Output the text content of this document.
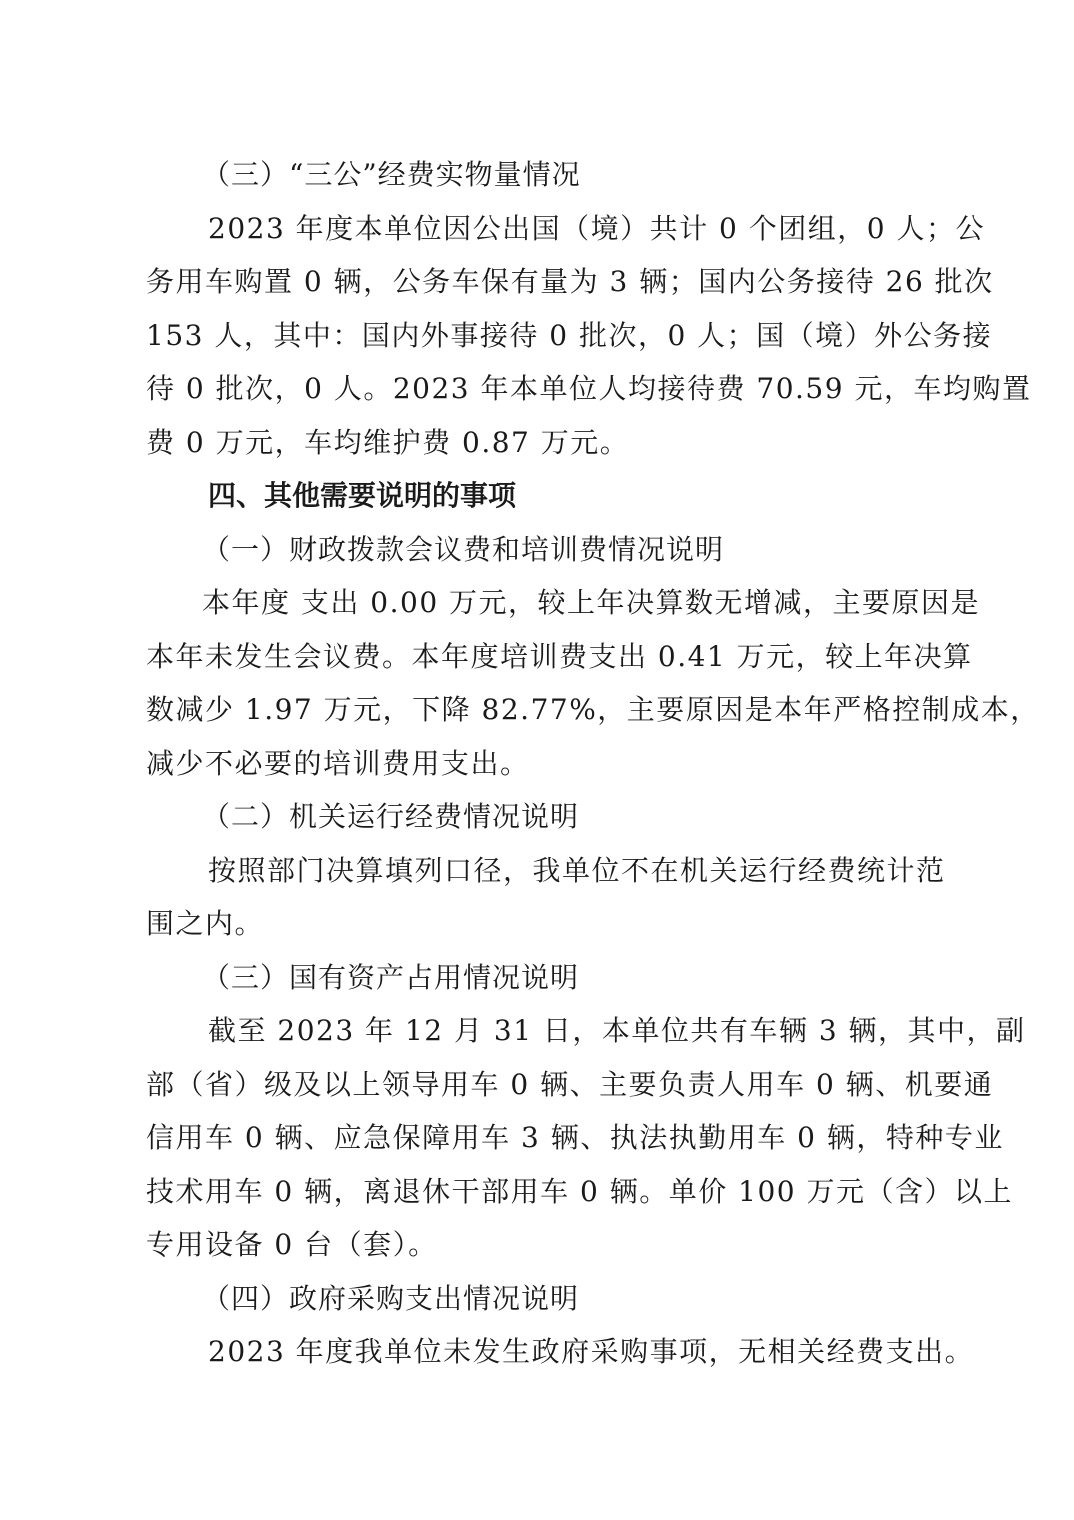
（三）“三公”经费实物量情况
2023 年度本单位因公出国（境）共计 0 个团组，0 人；公
务用车购置 0 辆，公务车保有量为 3 辆；国内公务接待 26 批次
153 人，其中：国内外事接待 0 批次，0 人；国（境）外公务接
待 0 批次，0 人。2023 年本单位人均接待费 70.59 元，车均购置
费 0 万元，车均维护费 0.87 万元。
四、其他需要说明的事项
（一）财政拨款会议费和培训费情况说明
本年度 支出 0.00 万元，较上年决算数无增减，主要原因是
本年未发生会议费。本年度培训费支出 0.41 万元，较上年决算
数减少 1.97 万元，下降 82.77%，主要原因是本年严格控制成本，
减少不必要的培训费用支出。
（二）机关运行经费情况说明
按照部门决算填列口径，我单位不在机关运行经费统计范
围之内。
（三）国有资产占用情况说明
截至 2023 年 12 月 31 日，本单位共有车辆 3 辆，其中，副
部（省）级及以上领导用车 0 辆、主要负责人用车 0 辆、机要通
信用车 0 辆、应急保障用车 3 辆、执法执勤用车 0 辆，特种专业
技术用车 0 辆，离退休干部用车 0 辆。单价 100 万元（含）以上
专用设备 0 台（套）。
（四）政府采购支出情况说明
2023 年度我单位未发生政府采购事项，无相关经费支出。
